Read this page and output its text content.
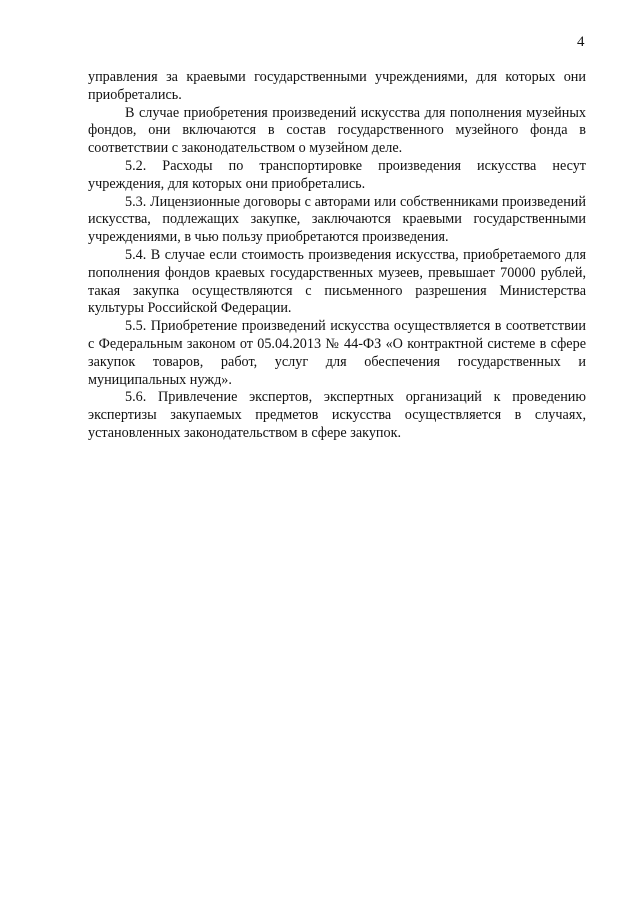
4

управления за краевыми государственными учреждениями, для которых они приобретались.

В случае приобретения произведений искусства для пополнения музейных фондов, они включаются в состав государственного музейного фонда в соответствии с законодательством о музейном деле.

5.2. Расходы по транспортировке произведения искусства несут учреждения, для которых они приобретались.

5.3. Лицензионные договоры с авторами или собственниками произведений искусства, подлежащих закупке, заключаются краевыми государственными учреждениями, в чью пользу приобретаются произведения.

5.4. В случае если стоимость произведения искусства, приобретаемого для пополнения фондов краевых государственных музеев, превышает 70000 рублей, такая закупка осуществляются с письменного разрешения Министерства культуры Российской Федерации.

5.5. Приобретение произведений искусства осуществляется в соответствии с Федеральным законом от 05.04.2013 № 44-ФЗ «О контрактной системе в сфере закупок товаров, работ, услуг для обеспечения государственных и муниципальных нужд».

5.6. Привлечение экспертов, экспертных организаций к проведению экспертизы закупаемых предметов искусства осуществляется в случаях, установленных законодательством в сфере закупок.
